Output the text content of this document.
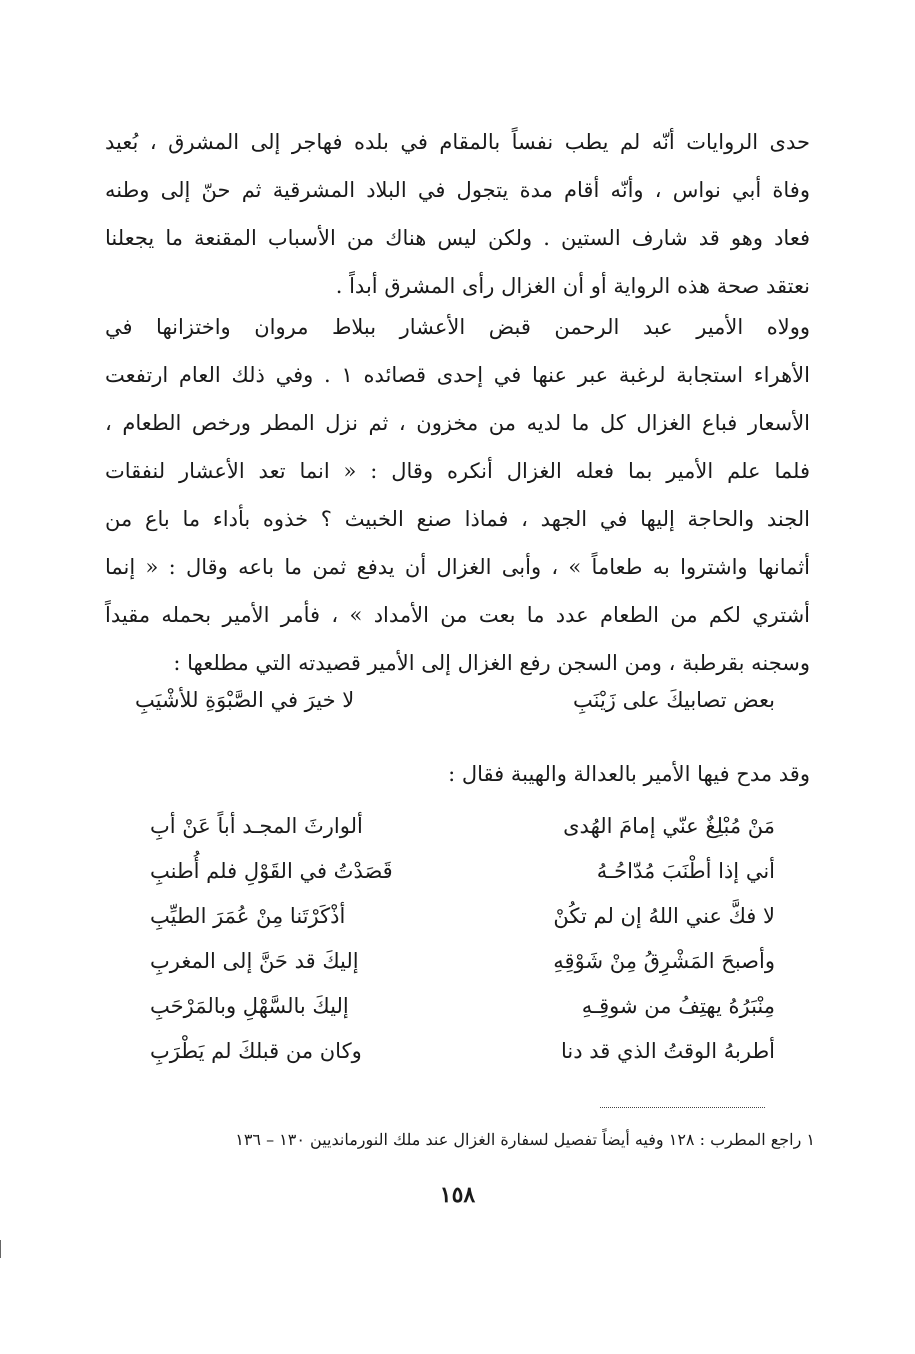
حدى الروايات أنّه لم يطب نفساً بالمقام في بلده فهاجر إلى المشرق ، بُعيد
وفاة أبي نواس ، وأنّه أقام مدة يتجول في البلاد المشرقية ثم حنّ إلى وطنه
فعاد وهو قد شارف الستين . ولكن ليس هناك من الأسباب المقنعة ما يجعلنا
نعتقد صحة هذه الرواية أو أن الغزال رأى المشرق أبداً .
وولاه الأمير عبد الرحمن قبض الأعشار ببلاط مروان واختزانها في
الأهراء استجابة لرغبة عبر عنها في إحدى قصائده ١ . وفي ذلك العام ارتفعت
الأسعار فباع الغزال كل ما لديه من مخزون ، ثم نزل المطر ورخص الطعام ،
فلما علم الأمير بما فعله الغزال أنكره وقال : « انما تعد الأعشار لنفقات
الجند والحاجة إليها في الجهد ، فماذا صنع الخبيث ؟ خذوه بأداء ما باع من
أثمانها واشتروا به طعاماً » ، وأبى الغزال أن يدفع ثمن ما باعه وقال : « إنما
أشتري لكم من الطعام عدد ما بعت من الأمداد » ، فأمر الأمير بحمله مقيداً
وسجنه بقرطبة ، ومن السجن رفع الغزال إلى الأمير قصيدته التي مطلعها :
بعض تصابيكَ على زَيْنَبِ
لا خيرَ في الصَّبْوَةِ للأشْيَبِ
وقد مدح فيها الأمير بالعدالة والهيبة فقال :
مَنْ مُبْلِغٌ عنّي إمامَ الهُدى
ألوارثَ المجـد أباً عَنْ أبِ
أني إذا أطْنَبَ مُدّاحُـهُ
قَصَدْتُ في القَوْلِ فلم أُطنبِ
لا فكَّ عني اللهُ إن لم تكُنْ
أذْكَرْتَنا مِنْ عُمَرَ الطيِّبِ
وأصبحَ المَشْرِقُ مِنْ شَوْقِهِ
إليكَ قد حَنَّ إلى المغربِ
مِنْبَرُهُ يهتِفُ من شوقِـهِ
إليكَ بالسَّهْلِ وبالمَرْحَبِ
أطربهُ الوقتُ الذي قد دنا
وكان من قبلكَ لم يَطْرَبِ
١ راجع المطرب : ١٢٨ وفيه أيضاً تفصيل لسفارة الغزال عند ملك النورمانديين ١٣٠ – ١٣٦
١٥٨
